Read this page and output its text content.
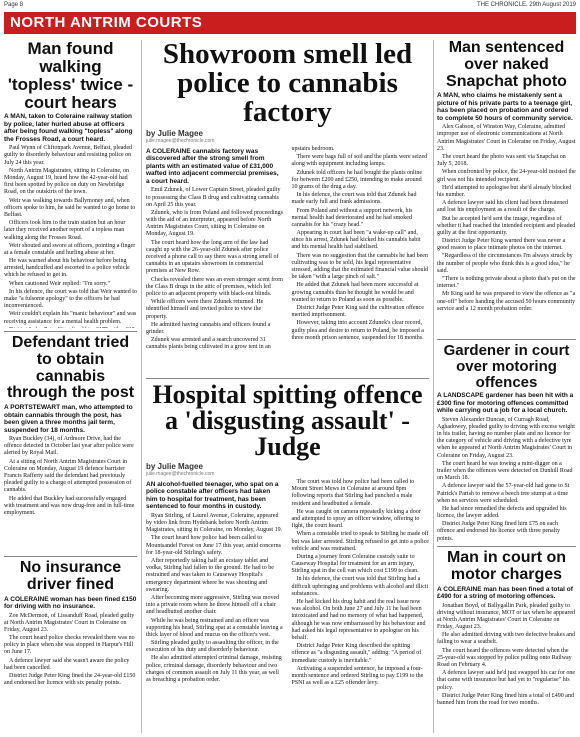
Page 8	THE CHRONICLE, 29th August 2019
NORTH ANTRIM COURTS
Man found walking 'topless' twice - court hears

A MAN, taken to Coleraine railway station by police, later hurled abuse at officers after being found walking "topless" along the Frosses Road, a court heard.

Paul Wynn of Cliftonpark Avenue, Belfast, pleaded guilty to disorderly behaviour and resisting police on July 24 this year.

North Antrim Magistrates, sitting in Coleraine, on Monday, August 19, heard how the 42-year-old had first been spotted by police on duty on Newbridge Road, on the outskirts of the town.

Weir was walking towards Ballymoney and, when officers spoke to him, he said he wanted to go home to Belfast.

Officers took him to the train station but an hour later they received another report of a topless man walking along the Frosses Road.

Weir shouted and swore at officers, pointing a finger at a female constable and hurling abuse at her.

He was warned about his behaviour before being arrested, handcuffed and escorted to a police vehicle which he refused to get in.

When cautioned Weir replied: "I'm sorry."

In his defence, the court was told that Weir wanted to make "a fulsome apology" to the officers he had inconvenienced.

Weir couldn't explain his "manic behaviour" and was receiving assistance for a mental health problem.

Defendant tried to obtain cannabis through the post

A PORTSTEWART man, who attempted to obtain cannabis through the post, has been given a three months jail term, suspended for 18 months.

Ryan Buckley (34), of Ardmore Drive, had the offence detected in October last year after police were alerted by Royal Mail.

At a sitting of North Antrim Magistrates Court in Coleraine on Monday, August 19 defence barrister Francis Rafferty said the defendant had previously pleaded guilty to a charge of attempted possession of cannabis.

He added that Buckley had successfully engaged with treatment and was now drug-free and in full-time employment.

No insurance driver fined

A COLERAINE woman has been fined £150 for driving with no insurance.

Zoe McDermott, of Lissanduff Road, pleaded guilty at North Antrim Magistrates' Court in Coleraine on Friday, August 23.

The court heard police checks revealed there was no policy in place when she was stopped in Harpur's Hill on June 17.

A defence lawyer said she wasn't aware the policy had been cancelled.

District Judge Peter King fined the 24-year-old £150 and endorsed her licence with six penalty points.

Showroom smell led police to cannabis factory
by Julie Magee
julie.magee@thechronicle.com

A COLERAINE cannabis factory was discovered after the strong smell from plants with an estimated value of £31,000 wafted into adjacent commercial premises, a court heard.

Emil Zdunek, of Lower Captain Street, pleaded guilty to possessing the Class B drug and cultivating cannabis on April 25 this year.

Zdunek, who is from Poland and followed proceedings with the aid of an interpreter, appeared before North Antrim Magistrates Court, sitting in Coleraine on Monday, August 19.

The court heard how the long arm of the law had caught up with the 26-year-old Zdunek after police received a phone call to say there was a strong smell of cannabis in an upstairs showroom in commercial premises at New Row.

Checks revealed there was an even stronger scent from the Class B drugs in the attic of premises, which led police to an adjacent property with black-out blinds.

While officers were there Zdunek returned. He identified himself and invited police to view the property.

He admitted having cannabis and officers found a grinder.

Zdunek was arrested and a search uncovered 31 cannabis plants being cultivated in a grow tent in an upstairs bedroom.

There were bags full of soil and the plants were seized along with equipment including lamps.

Zdunek told officers he had bought the plants online for between £200 and £250, intending to make around 10 grams of the drug a day.

In his defence, the court was told that Zdunek had made early full and frank admissions.

From Poland and without a support network, his mental health had deteriorated and he had smoked cannabis for his "crazy head."

Appearing in court had been "a wake-up call" and, since his arrest, Zdunek had kicked his cannabis habit and his mental health had stabilised.

There was no suggestion that the cannabis he had been cultivating was to be sold, his legal representative stressed, adding that the estimated financial value should be taken "with a large pinch of salt."

He added that Zdunek had been more successful at growing cannabis than he thought he would be and wanted to return to Poland as soon as possible.

District Judge Peter King said the cultivation offence merited imprisonment.

However, taking into account Zdunek's clear record, guilty plea and desire to return to Poland, he imposed a three month prison sentence, suspended for 18 months.

Hospital spitting offence a 'disgusting assault' - Judge
by Julie Magee
julie.magee@thechronicle.com

AN alcohol-fuelled teenager, who spat on a police constable after officers had taken him to hospital for treatment, has been sentenced to four months in custody.

Ryan Stirling, of Laurel Avenue, Coleraine, appeared by video link from Hydebank before North Antrim Magistrates, sitting in Coleraine, on Monday, August 19.

The court heard how police had been called to Mountsandel Forest on June 17 this year, amid concerns for 18-year-old Stirling's safety.

After reportedly taking half an ecstasy tablet and vodka, Stirling had fallen to the ground. He had to be restrained and was taken to Causeway Hospital's emergency department where he was shouting and swearing.

After becoming more aggressive, Stirling was moved into a private room where he threw himself off a chair and headbutted another chair.

While he was being restrained and an officer was supporting his head, Stirling spat at a constable leaving a thick layer of blood and mucus on the officer's vest.

Stirling pleaded guilty to assaulting the officer, in the execution of his duty and disorderly behaviour.

He also admitted attempted criminal damage, resisting police, criminal damage, disorderly behaviour and two charges of common assault on July 11 this year, as well as breaching a probation order.

The court was told how police had been called to Mount Street Mews in Coleraine at around 8pm following reports that Stirling had punched a male resident and headbutted a female.

He was caught on camera repeatedly kicking a door and attempted to spray an officer window, offering to fight, the court heard.

When a constable tried to speak to Stirling he made off but was later arrested. Stirling refused to get into a police vehicle and was restrained.

During a journey from Coleraine custody suite to Causeway Hospital for treatment for an arm injury, Stirling spat in the cell van which cost £199 to clean.

In his defence, the court was told that Stirling had a difficult upbringing and problems with alcohol and illicit substances.

He had kicked his drug habit and the real issue now was alcohol. On both June 27 and July 11 he had been intoxicated and had no memory of what had happened, although he was now embarrassed by his behaviour and had asked his legal representative to apologise on his behalf.

District Judge Peter King described the spitting offence as "a disgusting assault," adding: "A period of immediate custody is inevitable."

Activating a suspended sentence, he imposed a four-month sentence and ordered Stirling to pay £199 to the PSNI as well as a £25 offender levy.

Man sentenced over naked Snapchat photo

A MAN, who claims he mistakenly sent a picture of his private parts to a teenage girl, has been placed on probation and ordered to complete 50 hours of community service.

Alex Gabson, of Winston Way, Coleraine, admitted improper use of electronic communications at North Antrim Magistrates' Court in Coleraine on Friday, August 23.

The court heard the photo was sent via Snapchat on July 5, 2018.

When confronted by police, the 24-year-old insisted the girl was not his intended recipient.

He'd attempted to apologise but she'd already blocked his number.

A defence lawyer said his client had been threatened and lost his employment as a result of the charge.

But he accepted he'd sent the image, regardless of whether it had reached the intended recipient and pleaded guilty at the first opportunity.

District Judge Peter King warned there was never a good reason to place intimate photos on the internet.

"Regardless of the circumstances I'm always struck by the number of people who think this is a good idea," he said.

"There is nothing private about a photo that's put on the internet."

Mr King said he was prepared to view the offence as "a one-off" before handing the accused 50 hours community service and a 12 month probation order.

Gardener in court over motoring offences

A LANDSCAPE gardener has been hit with a £300 fine for motoring offences committed while carrying out a job for a local church.

Steven Alexander Duncan, of Curragh Road, Aghadowey, pleaded guilty to driving with excess weight in his trailer, having no number plate and no licence for the category of vehicle and driving with a defective tyre when he appeared at North Antrim Magistrates' Court in Coleraine on Friday, August 23.

The court heard he was towing a mini-digger on a trailer when the offences were detected on Dunhill Road on March 18.

A defence lawyer said the 57-year-old had gone to St Patrick's Parish to remove a beech tree stump at a time when no services were scheduled.

He had since remedied the defects and upgraded his licence, the lawyer added.

District Judge Peter King fined him £75 on each offence and endorsed his licence with three penalty points.

Man in court on motor charges

A COLERAINE man has been fined a total of £490 for a string of motoring offences.

Jonathan Boyd, of Ballygallin Park, pleaded guilty to driving without insurance, MOT or tax when he appeared at North Antrim Magistrates' Court in Coleraine on Friday, August 23.

He also admitted driving with two defective brakes and failing to wear a seatbelt.

The court heard the offences were detected when the 25-year-old was stopped by police pulling onto Railway Road on February 4.

A defence lawyer said he'd just swapped his car for one that came with insurance but had yet to "regularise" his policy.

District Judge Peter King fined him a total of £490 and banned him from the road for two months.
